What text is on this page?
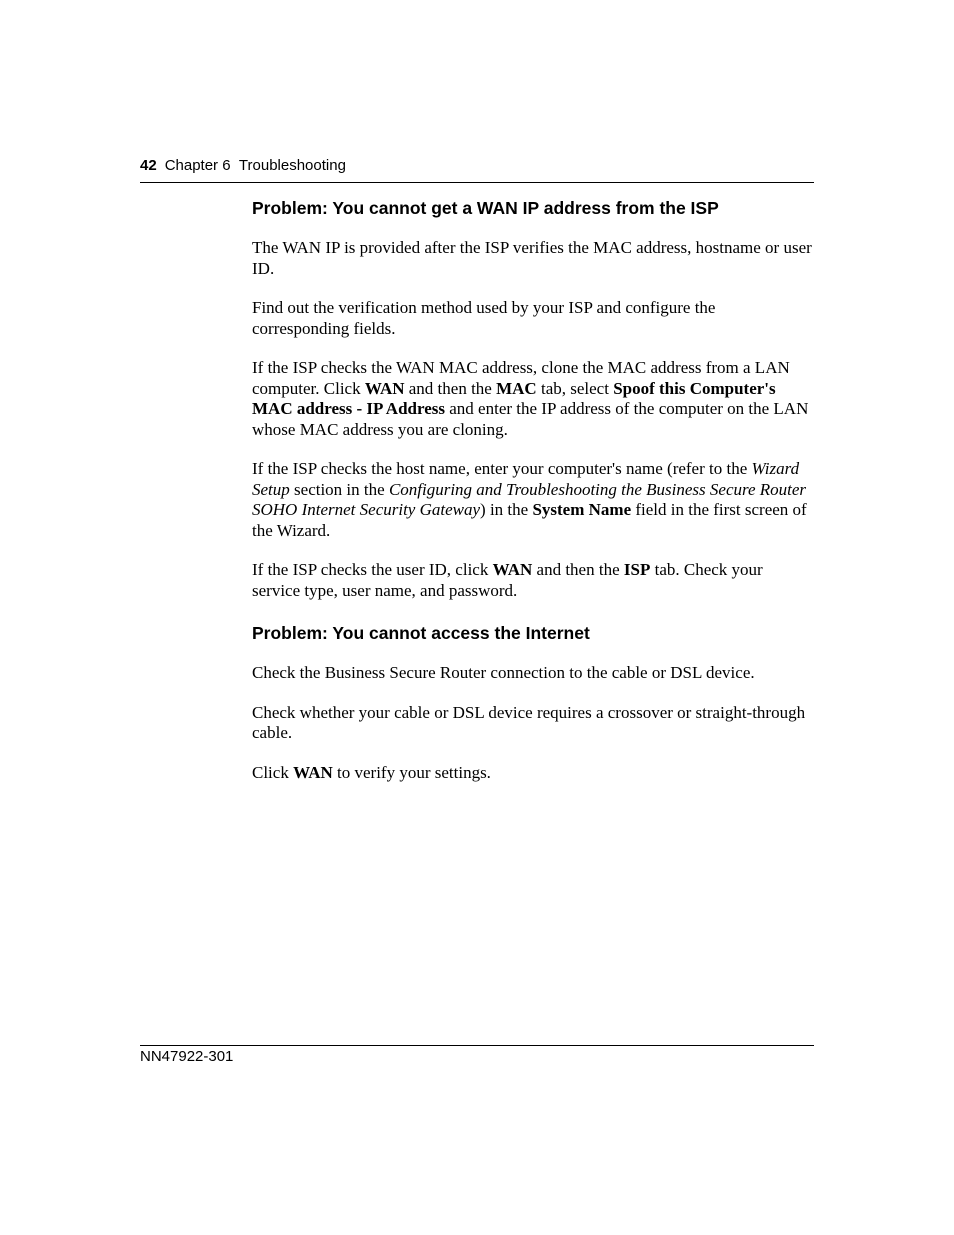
42 Chapter 6 Troubleshooting
Problem: You cannot get a WAN IP address from the ISP

The WAN IP is provided after the ISP verifies the MAC address, hostname or user ID.

Find out the verification method used by your ISP and configure the corresponding fields.

If the ISP checks the WAN MAC address, clone the MAC address from a LAN computer. Click WAN and then the MAC tab, select Spoof this Computer's MAC address - IP Address and enter the IP address of the computer on the LAN whose MAC address you are cloning.

If the ISP checks the host name, enter your computer's name (refer to the Wizard Setup section in the Configuring and Troubleshooting the Business Secure Router SOHO Internet Security Gateway) in the System Name field in the first screen of the Wizard.

If the ISP checks the user ID, click WAN and then the ISP tab. Check your service type, user name, and password.

Problem: You cannot access the Internet

Check the Business Secure Router connection to the cable or DSL device.

Check whether your cable or DSL device requires a crossover or straight-through cable.

Click WAN to verify your settings.

NN47922-301
